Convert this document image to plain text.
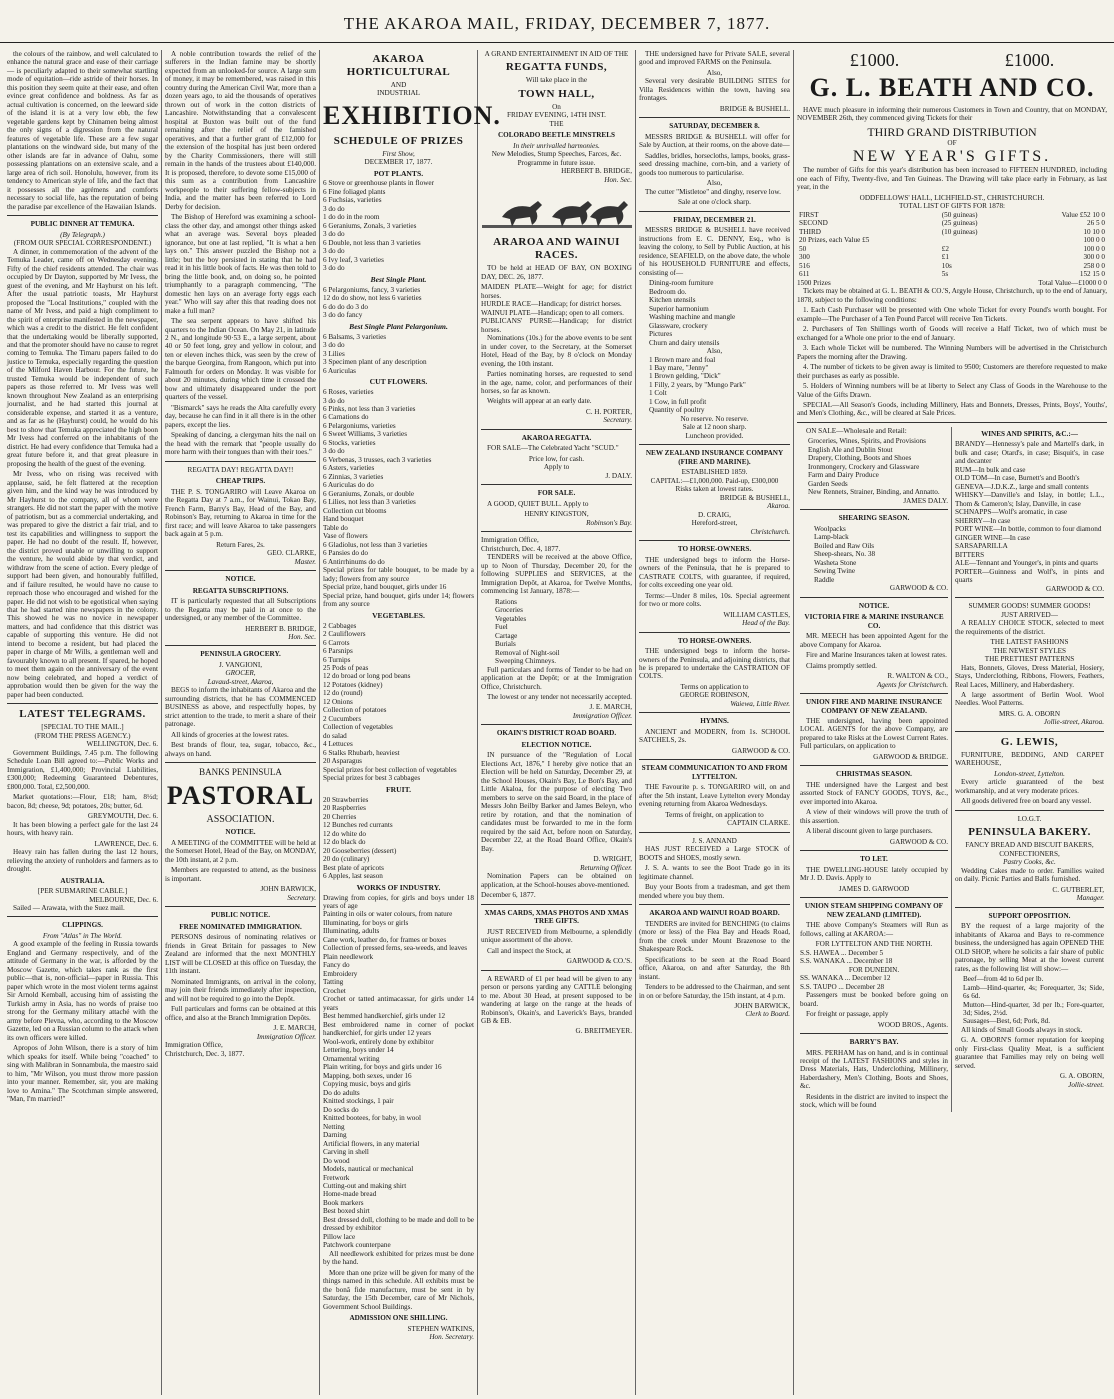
THE AKAROA MAIL, FRIDAY, DECEMBER 7, 1877.

the colours of the rainbow, and well calculated to enhance the natural grace and ease of their carriage — is peculiarly adapted to their somewhat startling mode of equitation—ride astride of their horses. In this position they seem quite at their ease, and often evince great confidence and boldness. As far as actual cultivation is concerned, on the leeward side of the island it is at a very low ebb, the few vegetable gardens kept by Chinamen being almost the only signs of a digression from the natural features of vegetable life. These are a few sugar plantations on the windward side, but many of the other islands are far in advance of Oahu, some possessing plantations on an extensive scale, and a large area of rich soil. Honolulu, however, from its tendency to American style of life, and the fact that it possesses all the agrémens and comforts necessary to social life, has the reputation of being the paradise par excellence of the Hawaiian Islands.

PUBLIC DINNER AT TEMUKA.
(By Telegraph.)
(FROM OUR SPECIAL CORRESPONDENT.)

A dinner, in commemoration of the advent of the Temuka Leader, came off on Wednesday evening. Fifty of the chief residents attended. The chair was occupied by Dr Dayton, supported by Mr Ivess, the guest of the evening, and Mr Hayhurst on his left. After the usual patriotic toasts, Mr Hayhurst proposed the "Local Institutions," coupled with the name of Mr Ivess, and paid a high compliment to the spirit of enterprise manifested in the newspaper, which was a credit to the district. He felt confident that the undertaking would be liberally supported, and that the promoter should have no cause to regret coming to Temuka. The Timaru papers failed to do justice to Temuka, especially regarding the question of the Milford Haven Harbour. For the future, he trusted Temuka would be independent of such papers as those referred to. Mr Ivess was well known throughout New Zealand as an enterprising journalist, and he had started this journal at considerable expense, and started it as a venture, and as far as he (Hayhurst) could, he would do his best to show that Temuka appreciated the high boon Mr Ivess had conferred on the inhabitants of the district. He had every confidence that Temuka had a great future before it, and that great pleasure in proposing the health of the guest of the evening.

Mr Ivess, who on rising was received with applause, said, he felt flattered at the reception given him, and the kind way he was introduced by Mr Hayhurst to the company, all of whom were strangers. He did not start the paper with the motive of patriotism, but as a commercial undertaking, and was prepared to give the district a fair trial, and to test its capabilities and willingness to support the paper. He had no doubt of the result. If, however, the district proved unable or unwilling to support the venture, he would abide by that verdict, and withdraw from the scene of action. Every pledge of support had been given, and honourably fulfilled, and if failure resulted, he would have no cause to reproach those who encouraged and wished for the paper. He did not wish to be egotistical when saying that he had started nine newspapers in the colony. This showed he was no novice in newspaper matters, and had confidence that this district was capable of supporting this venture. He did not intend to become a resident, but had placed the paper in charge of Mr Wills, a gentleman well and favourably known to all present. If spared, he hoped to meet them again on the anniversary of the event now being celebrated, and hoped a verdict of approbation would then be given for the way the paper had been conducted.

LATEST TELEGRAMS.
[SPECIAL TO THE MAIL.]
(FROM THE PRESS AGENCY.)
WELLINGTON, Dec. 6.

Government Buildings, 7.45 p.m. The following Schedule Loan Bill agreed to:—Public Works and Immigration, £1,400,000; Provincial Liabilities, £300,000; Redeeming Guaranteed Debentures, £800,000. Total, £2,500,000.

Market quotations:—Flour, £18; ham, 8½d; bacon, 8d; cheese, 9d; potatoes, 20s; butter, 6d.

GREYMOUTH, Dec. 6.

It has been blowing a perfect gale for the last 24 hours, with heavy rain.

LAWRENCE, Dec. 6.

Heavy rain has fallen during the last 12 hours, relieving the anxiety of runholders and farmers as to drought.

AUSTRALIA.
[PER SUBMARINE CABLE.]
MELBOURNE, Dec. 6.

Sailed — Arawata, with the Suez mail.

CLIPPINGS.
From "Atlas" in The World.

A good example of the feeling in Russia towards England and Germany respectively, and of the attitude of Germany in the war, is afforded by the Moscow Gazette, which takes rank as the first public—that is, non-official—paper in Russia. This paper which wrote in the most violent terms against Sir Arnold Kemball, accusing him of assisting the Turkish army in Asia, has no words of praise too strong for the Germany military attaché with the army before Plevna, who, according to the Moscow Gazette, led on a Russian column to the attack when its own officers were killed.

Apropos of John Wilson, there is a story of him which speaks for itself. While being "coached" to sing with Malibran in Sonnambula, the maestro said to him, "Mr Wilson, you must throw more passion into your manner. Remember, sir, you are making love to Amina." The Scotchman simple answered, "Man, I'm married!"

A noble contribution towards the relief of the sufferers in the Indian famine may be shortly expected from an unlooked-for source. A large sum of money, it may be remembered, was raised in this country during the American Civil War, more than a dozen years ago, to aid the thousands of operatives thrown out of work in the cotton districts of Lancashire. Notwithstanding that a convalescent hospital at Buxton was built out of the fund remaining after the relief of the famished operatives, and that a further grant of £12,000 for the extension of the hospital has just been ordered by the Charity Commissioners, there will still remain in the hands of the trustees about £140,000. It is proposed, therefore, to devote some £15,000 of this sum as a contribution from Lancashire workpeople to their suffering fellow-subjects in India, and the matter has been referred to Lord Derby for decision.

The Bishop of Hereford was examining a school-class the other day, and amongst other things asked what an average was. Several boys pleaded ignorance, but one at last replied, "It is what a hen lays on." This answer puzzled the Bishop not a little; but the boy persisted in stating that he had read it in his little book of facts. He was then told to bring the little book, and, on doing so, he pointed triumphantly to a paragraph commencing, "The domestic hen lays on an average forty eggs each year." Who will say after this that reading does not make a full man?

The sea serpent appears to have shifted his quarters to the Indian Ocean. On May 21, in latitude 2 N., and longitude 90·53 E., a large serpent, about 40 or 50 feet long, grey and yellow in colour, and ten or eleven inches thick, was seen by the crew of the barque Georgina, from Rangoon, which put into Falmouth for orders on Monday. It was visible for about 20 minutes, during which time it crossed the bow and ultimately disappeared under the port quarters of the vessel.

"Bismarck" says he reads the Alta carefully every day, because he can find in it all there is in the other papers, except the lies.

Speaking of dancing, a clergyman hits the nail on the head with the remark that "people usually do more harm with their tongues than with their toes."

REGATTA DAY! REGATTA DAY!!
CHEAP TRIPS.

THE P. S. TONGARIRO will Leave Akaroa on the Regatta Day at 7 a.m., for Wainui, Tokao Bay, French Farm, Barry's Bay, Head of the Bay, and Robinson's Bay, returning to Akaroa in time for the first race; and will leave Akaroa to take passengers back again at 5 p.m.

Return Fares, 2s.
GEO. CLARKE,
Master.
NOTICE.
REGATTA SUBSCRIPTIONS.

IT is particularly requested that all Subscriptions to the Regatta may be paid in at once to the undersigned, or any member of the Committee.

HERBERT B. BRIDGE,
Hon. Sec.
PENINSULA GROCERY.
J. VANGIONI,
GROCER,
Lavaud-street, Akaroa,

BEGS to inform the inhabitants of Akaroa and the surrounding districts, that he has COMMENCED BUSINESS as above, and respectfully hopes, by strict attention to the trade, to merit a share of their patronage.

All kinds of groceries at the lowest rates.

Best brands of flour, tea, sugar, tobacco, &c., always on hand.

BANKS PENINSULA
PASTORAL
ASSOCIATION.
NOTICE.

A MEETING of the COMMITTEE will be held at the Somerset Hotel, Head of the Bay, on MONDAY, the 10th instant, at 2 p.m.

Members are requested to attend, as the business is important.

JOHN BARWICK,
Secretary.
PUBLIC NOTICE.
FREE NOMINATED IMMIGRATION.

PERSONS desirous of nominating relatives or friends in Great Britain for passages to New Zealand are informed that the next MONTHLY LIST will be CLOSED at this office on Tuesday, the 11th instant.

Nominated Immigrants, on arrival in the colony, may join their friends immediately after inspection, and will not be required to go into the Depôt.

Full particulars and forms can be obtained at this office, and also at the Branch Immigration Depôts.

J. E. MARCH,
Immigration Officer.
Immigration Office,
Christchurch, Dec. 3, 1877.
AKAROA HORTICULTURAL
AND
INDUSTRIAL
EXHIBITION.
SCHEDULE OF PRIZES
First Show,
DECEMBER 17, 1877.
POT PLANTS.
6 Stove or greenhouse plants in flower
6 Fine foliaged plants
6 Fuchsias, varieties
3 do do
1 do do in the room
6 Geraniums, Zonals, 3 varieties
3 do do
6 Double, not less than 3 varieties
3 do do
6 Ivy leaf, 3 varieties
3 do do
Best Single Plant.
6 Pelargoniums, fancy, 3 varieties
12 do do show, not less 6 varieties
6 do do do 3 do
3 do do fancy
Best Single Plant Pelargonium.
6 Balsams, 3 varieties
3 do do
3 Lilies
3 Specimen plant of any description
6 Auriculas
CUT FLOWERS.
6 Roses, varieties
3 do do
6 Pinks, not less than 3 varieties
6 Carnations do
6 Pelargoniums, varieties
6 Sweet Williams, 3 varieties
6 Stocks, varieties
3 do do
6 Verbenas, 3 trusses, each 3 varieties
6 Asters, varieties
6 Zinnias, 3 varieties
6 Auriculas do do
6 Geraniums, Zonals, or double
6 Lilies, not less than 3 varieties
Collection cut blooms
Hand bouquet
Table do
Vase of flowers
6 Gladiolus, not less than 3 varieties
6 Pansies do do
6 Antirrhinums do do
Special prizes for table bouquet, to be made by a lady; flowers from any source
Special prize, hand bouquet, girls under 16
Special prize, hand bouquet, girls under 14; flowers from any source
VEGETABLES.
2 Cabbages
2 Cauliflowers
6 Carrots
6 Parsnips
6 Turnips
25 Pods of peas
12 do broad or long pod beans
12 Potatoes (kidney)
12 do (round)
12 Onions
Collection of potatoes
2 Cucumbers
Collection of vegetables
do salad
4 Lettuces
6 Stalks Rhubarb, heaviest
20 Asparagus
Special prizes for best collection of vegetables
Special prizes for best 3 cabbages
FRUIT.
20 Strawberries
20 Raspberries
20 Cherries
12 Bunches red currants
12 do white do
12 do black do
20 Gooseberries (dessert)
20 do (culinary)
Best plate of apricots
6 Apples, last season
WORKS OF INDUSTRY.
Drawing from copies, for girls and boys under 18 years of age
Painting in oils or water colours, from nature
Illuminating, for boys or girls
Illuminating, adults
Cane work, leather do, for frames or boxes
Collection of pressed ferns, sea-weeds, and leaves
Plain needlework
Fancy do
Embroidery
Tatting
Crochet
Crochet or tatted antimacassar, for girls under 14 years
Best hemmed handkerchief, girls under 12
Best embroidered name in corner of pocket handkerchief, for girls under 12 years
Wool-work, entirely done by exhibitor
Lettering, boys under 14
Ornamental writing
Plain writing, for boys and girls under 16
Mapping, both sexes, under 16
Copying music, boys and girls
Do do adults
Knitted stockings, 1 pair
Do socks do
Knitted bootees, for baby, in wool
Netting
Darning
Artificial flowers, in any material
Carving in shell
Do wood
Models, nautical or mechanical
Fretwork
Cutting-out and making shirt
Home-made bread
Book markers
Best boxed shirt
Best dressed doll, clothing to be made and doll to be dressed by exhibitor
Pillow lace
Patchwork counterpane

All needlework exhibited for prizes must be done by the hand.

More than one prize will be given for many of the things named in this schedule. All exhibits must be the bonâ fide manufacture, must be sent in by Saturday, the 15th December, care of Mr Nichols, Government School Buildings.

ADMISSION ONE SHILLING.
STEPHEN WATKINS,
Hon. Secretary.
A GRAND ENTERTAINMENT IN AID OF THE
REGATTA FUNDS,
Will take place in the
TOWN HALL,
On
FRIDAY EVENING, 14TH INST.
THE
COLORADO BEETLE MINSTRELS
In their unrivalled harmonies.
New Melodies, Stump Speeches, Farces, &c.
Programme in future issue.
HERBERT B. BRIDGE,
Hon. Sec.
ARAROA AND WAINUI RACES.

TO be held at HEAD OF BAY, ON BOXING DAY, DEC. 26, 1877.

MAIDEN PLATE—Weight for age; for district horses.
HURDLE RACE—Handicap; for district horses.
WAINUI PLATE—Handicap; open to all comers.
PUBLICANS' PURSE—Handicap; for district horses.

Nominations (10s.) for the above events to be sent in under cover, to the Secretary, at the Somerset Hotel, Head of the Bay, by 8 o'clock on Monday evening, the 10th instant.

Parties nominating horses, are requested to send in the age, name, color, and performances of their horses, so far as known.

Weights will appear at an early date.

C. H. PORTER,
Secretary.
AKAROA REGATTA.

FOR SALE—The Celebrated Yacht "SCUD."

Price low, for cash.
Apply to
J. DALY.
FOR SALE.

A GOOD, QUIET BULL. Apply to

HENRY KINGSTON,
Robinson's Bay.
Immigration Office,
Christchurch, Dec. 4, 1877.

TENDERS will be received at the above Office, up to Noon of Thursday, December 20, for the following SUPPLIES and SERVICES, at the Immigration Depôt, at Akaroa, for Twelve Months, commencing 1st January, 1878:—

Rations
Groceries
Vegetables
Fuel
Cartage
Burials
Removal of Night-soil
Sweeping Chimneys.

Full particulars and forms of Tender to be had on application at the Depôt; or at the Immigration Office, Christchurch.

The lowest or any tender not necessarily accepted.

J. E. MARCH,
Immigration Officer.
OKAIN'S DISTRICT ROAD BOARD.
ELECTION NOTICE.

IN pursuance of the "Regulation of Local Elections Act, 1876," I hereby give notice that an Election will be held on Saturday, December 29, at the School Houses, Okain's Bay, Le Bon's Bay, and Little Akaloa, for the purpose of electing Two members to serve on the said Board, in the place of Messrs John Beilby Barker and James Beleyn, who retire by rotation, and that the nomination of candidates must be forwarded to me in the form required by the said Act, before noon on Saturday, December 22, at the Road Board Office, Okain's Bay.

D. WRIGHT,
Returning Officer.

Nomination Papers can be obtained on application, at the School-houses above-mentioned.

December 6, 1877.
XMAS CARDS, XMAS PHOTOS AND XMAS TREE GIFTS.

JUST RECEIVED from Melbourne, a splendidly unique assortment of the above.

Call and inspect the Stock, at

GARWOOD & CO.'S.

A REWARD of £1 per head will be given to any person or persons yarding any CATTLE belonging to me. About 30 Head, at present supposed to be wandering at large on the range at the heads of Robinson's, Okain's, and Laverick's Bays, branded GB & EB.

G. BREITMEYER.

THE undersigned have for Private SALE, several good and improved FARMS on the Peninsula.

Also,

Several very desirable BUILDING SITES for Villa Residences within the town, having sea frontages.

BRIDGE & BUSHELL.
SATURDAY, DECEMBER 8.

MESSRS BRIDGE & BUSHELL will offer for Sale by Auction, at their rooms, on the above date—

Saddles, bridles, horsecloths, lamps, books, grass-seed dressing machine, corn-bin, and a variety of goods too numerous to particularise.

Also,

The cutter "Mistletoe" and dinghy, reserve low.

Sale at one o'clock sharp.
FRIDAY, DECEMBER 21.

MESSRS BRIDGE & BUSHELL have received instructions from E. C. DENNY, Esq., who is leaving the colony, to Sell by Public Auction, at his residence, SEAFIELD, on the above date, the whole of his HOUSEHOLD FURNITURE and effects, consisting of—

Dining-room furniture
Bedroom do.
Kitchen utensils
Superior harmonium
Washing machine and mangle
Glassware, crockery
Pictures
Churn and dairy utensils
Also,
1 Brown mare and foal
1 Bay mare, "Jenny"
1 Brown gelding, "Dick"
1 Filly, 2 years, by "Mungo Park"
1 Colt
1 Cow, in full profit
Quantity of poultry
No reserve. No reserve.
Sale at 12 noon sharp.
Luncheon provided.
NEW ZEALAND INSURANCE COMPANY (FIRE AND MARINE).
ESTABLISHED 1859.
CAPITAL:—£1,000,000. Paid-up, £300,000
Risks taken at lowest rates.
BRIDGE & BUSHELL,
Akaroa.
D. CRAIG,
Hereford-street,
Christchurch.
TO HORSE-OWNERS.

THE undersigned begs to inform the Horse-owners of the Peninsula, that he is prepared to CASTRATE COLTS, with guarantee, if required, for colts exceeding one year old.

Terms:—Under 8 miles, 10s. Special agreement for two or more colts.

WILLIAM CASTLES,
Head of the Bay.
TO HORSE-OWNERS.

THE undersigned begs to inform the horse-owners of the Peninsula, and adjoining districts, that he is prepared to undertake the CASTRATION OF COLTS.

Terms on application to
GEORGE ROBINSON,
Waiewa, Little River.
HYMNS.

ANCIENT and MODERN, from 1s. SCHOOL SATCHELS, 2s.

GARWOOD & CO.
STEAM COMMUNICATION TO AND FROM LYTTELTON.

THE Favourite p. s. TONGARIRO will, on and after the 5th instant, Leave Lyttelton every Monday evening returning from Akaroa Wednesdays.

Terms of freight, on application to
CAPTAIN CLARKE.
J. S. ANNAND

HAS JUST RECEIVED a Large STOCK of BOOTS and SHOES, mostly sewn.

J. S. A. wants to see the Boot Trade go in its legitimate channel.

Buy your Boots from a tradesman, and get them mended where you buy them.

AKAROA AND WAINUI ROAD BOARD.

TENDERS are invited for BENCHING (to claims (more or less) of the Flea Bay and Heads Road, from the creek under Mount Brazenose to the Shakespeare Rock.

Specifications to be seen at the Road Board office, Akaroa, on and after Saturday, the 8th instant.

Tenders to be addressed to the Chairman, and sent in on or before Saturday, the 15th instant, at 4 p.m.

JOHN BARWICK,
Clerk to Board.
£1000.	£1000.
G. L. BEATH AND CO.

HAVE much pleasure in informing their numerous Customers in Town and Country, that on MONDAY, NOVEMBER 26th, they commenced giving Tickets for their

THIRD GRAND DISTRIBUTION
OF
NEW YEAR'S GIFTS.

The number of Gifts for this year's distribution has been increased to FIFTEEN HUNDRED, including one each of Fifty, Twenty-five, and Ten Guineas. The Drawing will take place early in February, as last year, in the

ODDFELLOWS' HALL, LICHFIELD-ST., CHRISTCHURCH.
TOTAL LIST OF GIFTS FOR 1878:
FIRST	(50 guineas)	Value £52 10 0
SECOND	(25 guineas)	26 5 0
THIRD	(10 guineas)	10 10 0
20 Prizes, each Value £5		100 0 0
50	£2	100 0 0
300	£1	300 0 0
516	10s	258 0 0
611	5s	152 15 0
1500 Prizes	Total Value—£1000 0 0

Tickets may be obtained at G. L. BEATH & CO.'S, Argyle House, Christchurch, up to the end of January, 1878, subject to the following conditions:

1. Each Cash Purchaser will be presented with One whole Ticket for every Pound's worth bought. For example—The Purchaser of a Ten Pound Parcel will receive Ten Tickets.

2. Purchasers of Ten Shillings worth of Goods will receive a Half Ticket, two of which must be exchanged for a Whole one prior to the end of January.

3. Each whole Ticket will be numbered. The Winning Numbers will be advertised in the Christchurch Papers the morning after the Drawing.

4. The number of tickets to be given away is limited to 9500; Customers are therefore requested to make their purchases as early as possible.

5. Holders of Winning numbers will be at liberty to Select any Class of Goods in the Warehouse to the Value of the Gifts Drawn.

SPECIAL—All Season's Goods, including Millinery, Hats and Bonnets, Dresses, Prints, Boys', Youths', and Men's Clothing, &c., will be cleared at Sale Prices.

ON SALE—Wholesale and Retail:

Groceries, Wines, Spirits, and Provisions
English Ale and Dublin Stout
Drapery, Clothing, Boots and Shoes
Ironmongery, Crockery and Glassware
Farm and Dairy Produce
Garden Seeds
New Rennets, Strainer, Binding, and Annatto.
JAMES DALY.
SHEARING SEASON.
Woolpacks
Lamp-black
Boiled and Raw Oils
Sheep-shears, No. 38
Washeta Stone
Sewing Twine
Raddle
GARWOOD & CO.
NOTICE.
VICTORIA FIRE & MARINE INSURANCE CO.

MR. MEECH has been appointed Agent for the above Company for Akaroa.

Fire and Marine Insurances taken at lowest rates.

Claims promptly settled.

R. WALTON & CO.,
Agents for Christchurch.
UNION FIRE AND MARINE INSURANCE COMPANY OF NEW ZEALAND.

THE undersigned, having been appointed LOCAL AGENTS for the above Company, are prepared to take Risks at the Lowest Current Rates. Full particulars, on application to

GARWOOD & BRIDGE.
CHRISTMAS SEASON.

THE undersigned have the Largest and best assorted Stock of FANCY GOODS, TOYS, &c., ever imported into Akaroa.

A view of their windows will prove the truth of this assertion.

A liberal discount given to large purchasers.

GARWOOD & CO.
TO LET.

THE DWELLING-HOUSE lately occupied by Mr J. D. Davis. Apply to

JAMES D. GARWOOD
UNION STEAM SHIPPING COMPANY OF NEW ZEALAND (LIMITED).

THE above Company's Steamers will Run as follows, calling at AKAROA:—

FOR LYTTELTON AND THE NORTH.
S.S. HAWEA ... December 5
S.S. WANAKA ... December 18
FOR DUNEDIN.
SS. WANAKA ... December 12
S.S. TAUPO ... December 28

Passengers must be booked before going on board.

For freight or passage, apply

WOOD BROS., Agents.
BARRY'S BAY.

MRS. PERHAM has on hand, and is in continual receipt of the LATEST FASHIONS and styles in Dress Materials, Hats, Underclothing, Millinery, Haberdashery, Men's Clothing, Boots and Shoes, &c.

Residents in the district are invited to inspect the stock, which will be found

WINES AND SPIRITS, &C.:—
BRANDY—Hennessy's pale and Martell's dark, in bulk and case; Otard's, in case; Bisquit's, in case and decanter
RUM—In bulk and case
OLD TOM—In case, Burnett's and Booth's
GENEVA—J.D.K.Z., large and small contents
WHISKY—Danville's and Islay, in bottle; L.L., Thom & Cameron's; Islay, Danville, in case
SCHNAPPS—Wolf's aromatic, in case
SHERRY—In case
PORT WINE—In bottle, common to four diamond
GINGER WINE—In case
SARSAPARILLA
BITTERS
ALE—Tennant and Younger's, in pints and quarts
PORTER—Guinness and Wolf's, in pints and quarts
GARWOOD & CO.
SUMMER GOODS! SUMMER GOODS!
JUST ARRIVED—

A REALLY CHOICE STOCK, selected to meet the requirements of the district.

THE LATEST FASHIONS
THE NEWEST STYLES
THE PRETTIEST PATTERNS

Hats, Bonnets, Gloves, Dress Material, Hosiery, Stays, Underclothing, Ribbons, Flowers, Feathers, Real Laces, Millinery, and Haberdashery.

A large assortment of Berlin Wool. Wool Needles. Wool Patterns.

MRS. G. A. OBORN
Jollie-street, Akaroa.
G. LEWIS,

FURNITURE, BEDDING, AND CARPET WAREHOUSE,

London-street, Lyttelton.

Every article guaranteed of the best workmanship, and at very moderate prices.

All goods delivered free on board any vessel.

I.O.G.T.
PENINSULA BAKERY.
FANCY BREAD AND BISCUIT BAKERS, CONFECTIONERS,
Pastry Cooks, &c.

Wedding Cakes made to order. Families waited on daily. Picnic Parties and Balls furnished.

C. GUTBERLET,
Manager.
SUPPORT OPPOSITION.

BY the request of a large majority of the inhabitants of Akaroa and Bays to re-commence business, the undersigned has again OPENED THE OLD SHOP, where he solicits a fair share of public patronage, by selling Meat at the lowest current rates, as the following list will show:—

Beef—from 4d to 6d per lb.
Lamb—Hind-quarter, 4s; Forequarter, 3s; Side, 6s 6d.
Mutton—Hind-quarter, 3d per lb.; Fore-quarter, 3d; Sides, 2½d.
Sausages—Best, 6d; Pork, 8d.

All kinds of Small Goods always in stock.

G. A. OBORN'S former reputation for keeping only First-class Quality Meat, is a sufficient guarantee that Families may rely on being well served.

G. A. OBORN,
Jollie-street.
